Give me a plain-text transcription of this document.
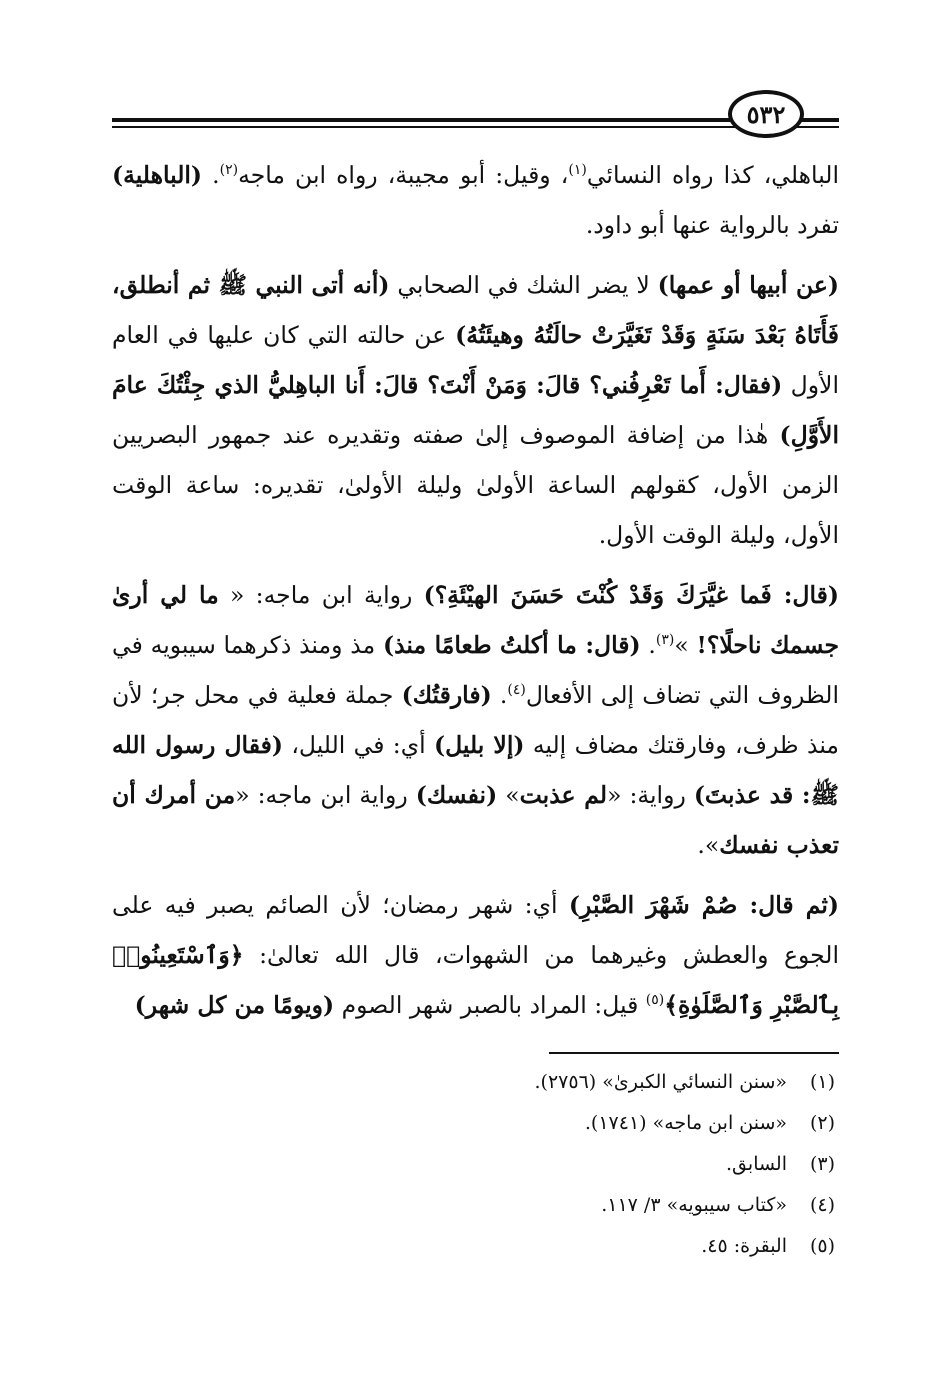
٥٣٢

الباهلي، كذا رواه النسائي$^{(١)}$، وقيل: أبو مجيبة، رواه ابن ماجه$^{(٢)}$. (الباهلية) تفرد بالرواية عنها أبو داود.

(عن أبيها أو عمها) لا يضر الشك في الصحابي (أنه أتى النبي ﷺ ثم أنطلق، فَأَتَاهُ بَعْدَ سَنَةٍ وَقَدْ تَغَيَّرَتْ حالَتُهُ وهيئَتُهُ) عن حالته التي كان عليها في العام الأول (فقال: أَما تَعْرِفُني؟ قالَ: وَمَنْ أَنْتَ؟ قالَ: أَنا الباهِليُّ الذي جِئْتُكَ عامَ الأَوَّلِ) هٰذا من إضافة الموصوف إلىٰ صفته وتقديره عند جمهور البصريين الزمن الأول، كقولهم الساعة الأولىٰ وليلة الأولىٰ، تقديره: ساعة الوقت الأول، وليلة الوقت الأول.

(قال: فَما غيَّرَكَ وَقَدْ كُنْتَ حَسَنَ الهيْئَةِ؟) رواية ابن ماجه: « ما لي أرىٰ جسمك ناحلًا؟! »$^{(٣)}$. (قال: ما أكلتُ طعامًا منذ) مذ ومنذ ذكرهما سيبويه في الظروف التي تضاف إلى الأفعال$^{(٤)}$. (فارقتُك) جملة فعلية في محل جر؛ لأن منذ ظرف، وفارقتك مضاف إليه (إلا بليل) أي: في الليل، (فقال رسول الله ﷺ: قد عذبتَ) رواية: «لم عذبت» (نفسك) رواية ابن ماجه: «من أمرك أن تعذب نفسك».

(ثم قال: صُمْ شَهْرَ الصَّبْرِ) أي: شهر رمضان؛ لأن الصائم يصبر فيه على الجوع والعطش وغيرهما من الشهوات، قال الله تعالىٰ: ﴿وَٱسْتَعِينُوا۟ بِٱلصَّبْرِ وَٱلصَّلَوٰةِ﴾$^{(٥)}$ قيل: المراد بالصبر شهر الصوم (ويومًا من كل شهر)

(١)«سنن النسائي الكبرىٰ» (٢٧٥٦).
(٢)«سنن ابن ماجه» (١٧٤١).
(٣)السابق.
(٤)«كتاب سيبويه» ٣/ ١١٧.
(٥)البقرة: ٤٥.
